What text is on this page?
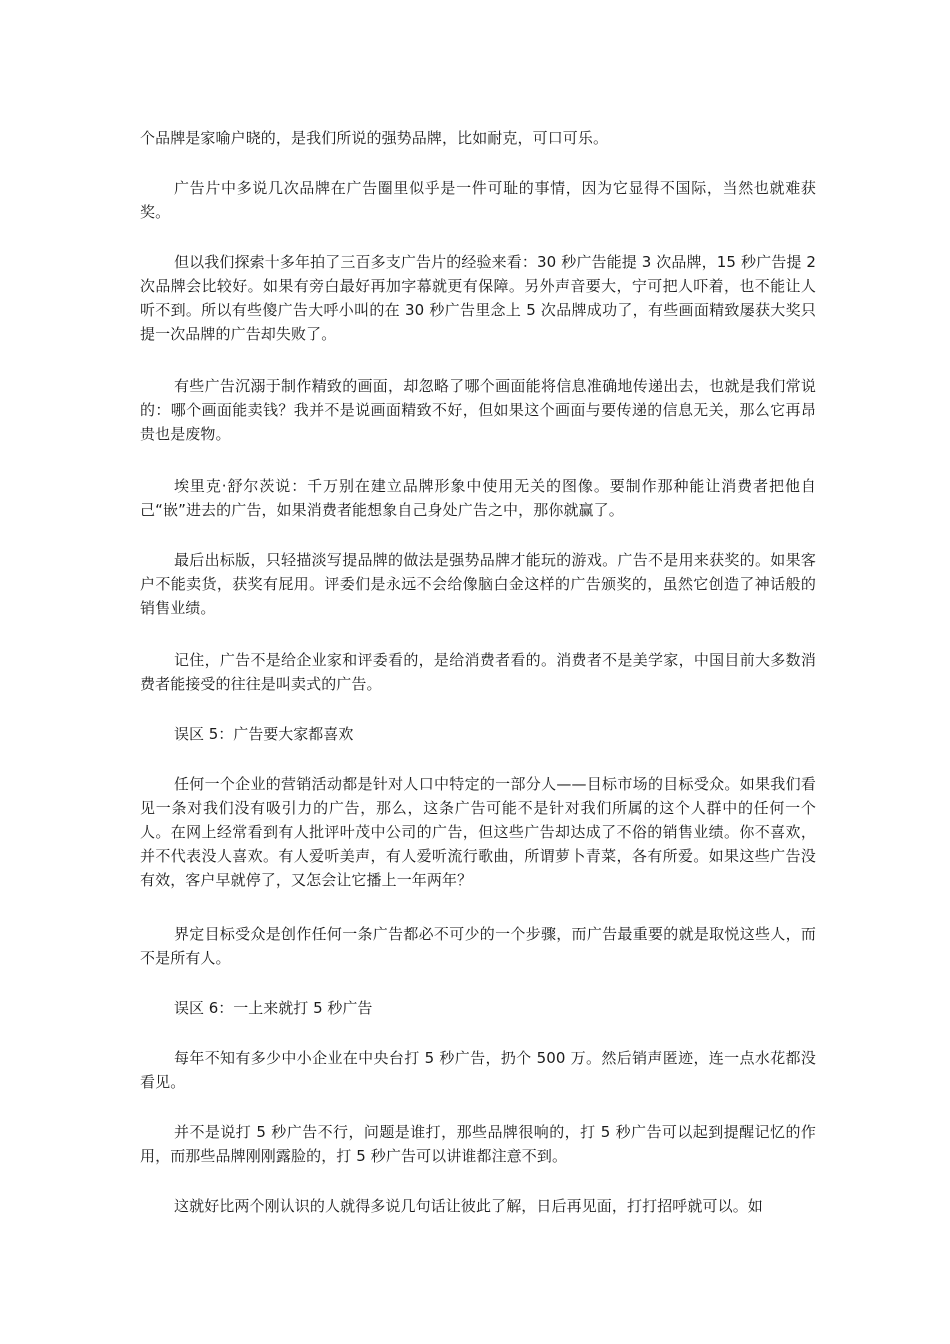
个品牌是家喻户晓的，是我们所说的强势品牌，比如耐克，可口可乐。

广告片中多说几次品牌在广告圈里似乎是一件可耻的事情，因为它显得不国际，当然也就难获奖。

但以我们探索十多年拍了三百多支广告片的经验来看：30 秒广告能提 3 次品牌，15 秒广告提 2 次品牌会比较好。如果有旁白最好再加字幕就更有保障。另外声音要大，宁可把人吓着，也不能让人听不到。所以有些傻广告大呼小叫的在 30 秒广告里念上 5 次品牌成功了，有些画面精致屡获大奖只提一次品牌的广告却失败了。

有些广告沉溺于制作精致的画面，却忽略了哪个画面能将信息准确地传递出去，也就是我们常说的：哪个画面能卖钱？我并不是说画面精致不好，但如果这个画面与要传递的信息无关，那么它再昂贵也是废物。

埃里克·舒尔茨说：千万别在建立品牌形象中使用无关的图像。要制作那种能让消费者把他自己“嵌”进去的广告，如果消费者能想象自己身处广告之中，那你就赢了。

最后出标版，只轻描淡写提品牌的做法是强势品牌才能玩的游戏。广告不是用来获奖的。如果客户不能卖货，获奖有屁用。评委们是永远不会给像脑白金这样的广告颁奖的，虽然它创造了神话般的销售业绩。

记住，广告不是给企业家和评委看的，是给消费者看的。消费者不是美学家，中国目前大多数消费者能接受的往往是叫卖式的广告。

误区 5：广告要大家都喜欢

任何一个企业的营销活动都是针对人口中特定的一部分人——目标市场的目标受众。如果我们看见一条对我们没有吸引力的广告，那么，这条广告可能不是针对我们所属的这个人群中的任何一个人。在网上经常看到有人批评叶茂中公司的广告，但这些广告却达成了不俗的销售业绩。你不喜欢，并不代表没人喜欢。有人爱听美声，有人爱听流行歌曲，所谓萝卜青菜，各有所爱。如果这些广告没有效，客户早就停了，又怎会让它播上一年两年？

界定目标受众是创作任何一条广告都必不可少的一个步骤，而广告最重要的就是取悦这些人，而不是所有人。

误区 6：一上来就打 5 秒广告

每年不知有多少中小企业在中央台打 5 秒广告，扔个 500 万。然后销声匿迹，连一点水花都没看见。

并不是说打 5 秒广告不行，问题是谁打，那些品牌很响的，打 5 秒广告可以起到提醒记忆的作用，而那些品牌刚刚露脸的，打 5 秒广告可以讲谁都注意不到。

这就好比两个刚认识的人就得多说几句话让彼此了解，日后再见面，打打招呼就可以。如
